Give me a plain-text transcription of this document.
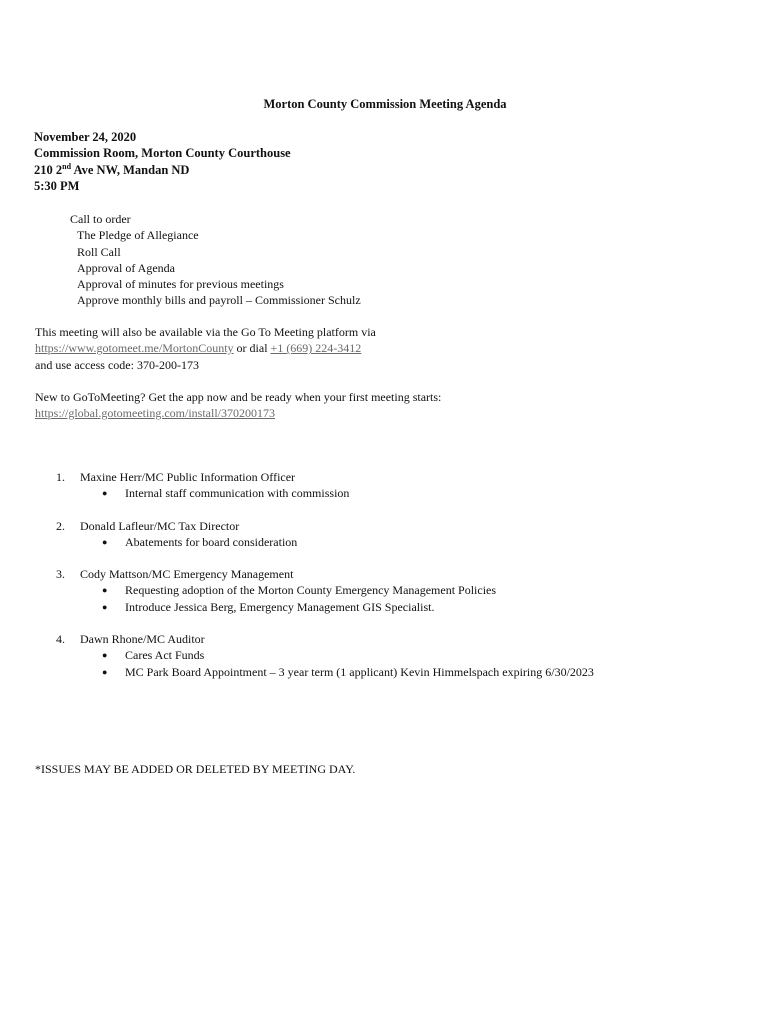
Morton County Commission Meeting Agenda
November 24, 2020
Commission Room, Morton County Courthouse
210 2nd Ave NW, Mandan ND
5:30 PM
Call to order
The Pledge of Allegiance
Roll Call
Approval of Agenda
Approval of minutes for previous meetings
Approve monthly bills and payroll – Commissioner Schulz
This meeting will also be available via the Go To Meeting platform via
https://www.gotomeet.me/MortonCounty or dial +1 (669) 224-3412
and use access code: 370-200-173
New to GoToMeeting? Get the app now and be ready when your first meeting starts:
https://global.gotomeeting.com/install/370200173
1.	Maxine Herr/MC Public Information Officer
●	Internal staff communication with commission
2.	Donald Lafleur/MC Tax Director
●	Abatements for board consideration
3.	Cody Mattson/MC Emergency Management
●	Requesting adoption of the Morton County Emergency Management Policies
●	Introduce Jessica Berg, Emergency Management GIS Specialist.
4.	Dawn Rhone/MC Auditor
●	Cares Act Funds
●	MC Park Board Appointment – 3 year term (1 applicant) Kevin Himmelspach expiring 6/30/2023
*ISSUES MAY BE ADDED OR DELETED BY MEETING DAY.
